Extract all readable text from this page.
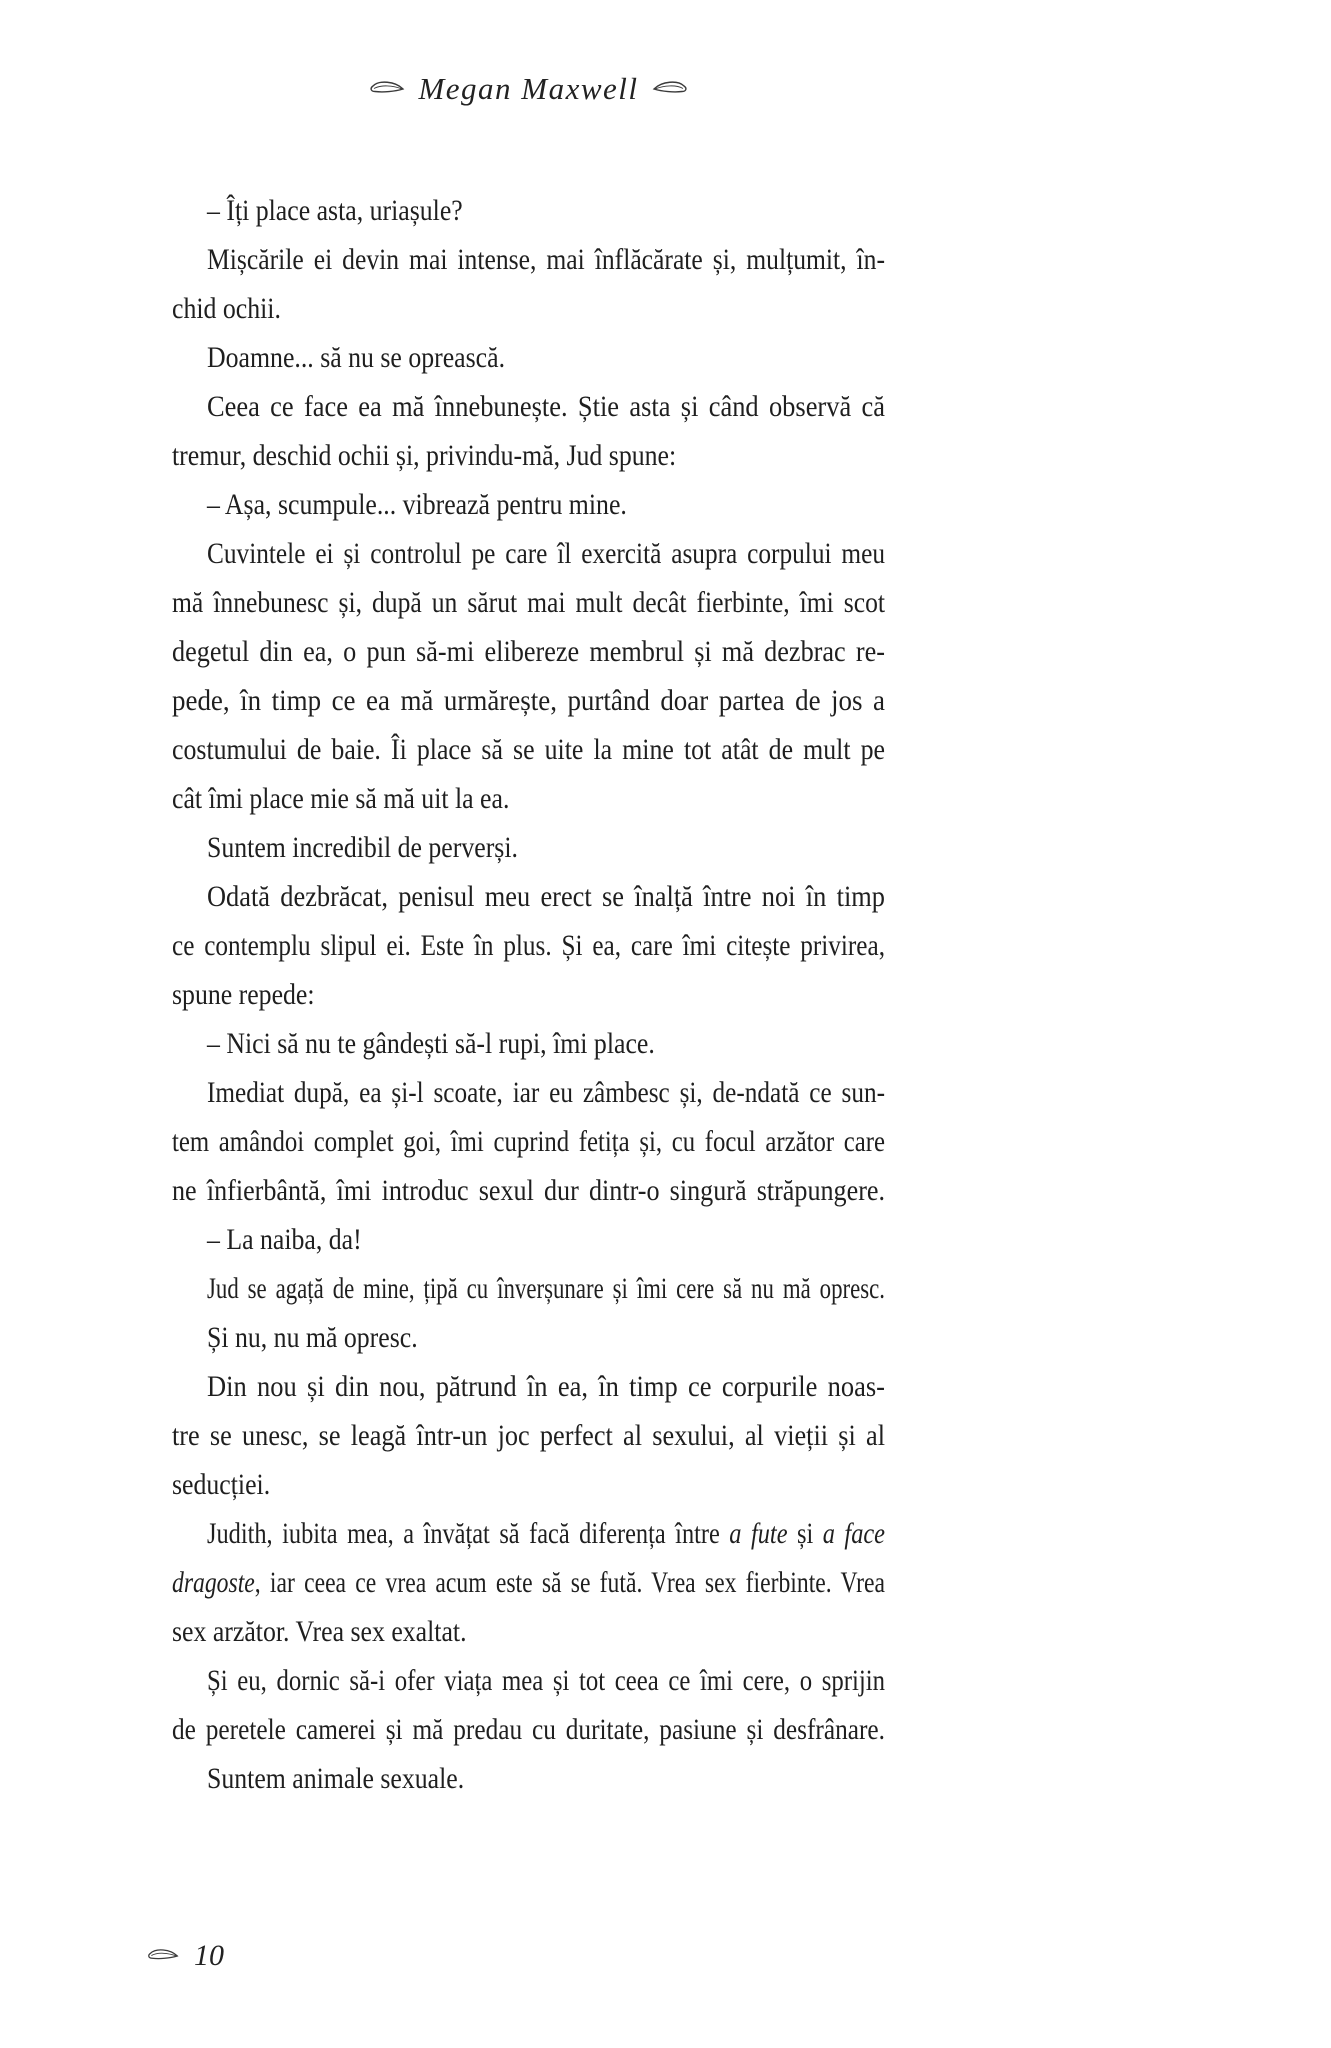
Megan Maxwell
– Îți place asta, uriașule?
Mișcările ei devin mai intense, mai înflăcărate și, mulțumit, în-
chid ochii.
Doamne... să nu se oprească.
Ceea ce face ea mă înnebunește. Știe asta și când observă că
tremur, deschid ochii și, privindu-mă, Jud spune:
– Așa, scumpule... vibrează pentru mine.
Cuvintele ei și controlul pe care îl exercită asupra corpului meu
mă înnebunesc și, după un sărut mai mult decât fierbinte, îmi scot
degetul din ea, o pun să-mi elibereze membrul și mă dezbrac re-
pede, în timp ce ea mă urmărește, purtând doar partea de jos a
costumului de baie. Îi place să se uite la mine tot atât de mult pe
cât îmi place mie să mă uit la ea.
Suntem incredibil de perverși.
Odată dezbrăcat, penisul meu erect se înalță între noi în timp
ce contemplu slipul ei. Este în plus. Și ea, care îmi citește privirea,
spune repede:
– Nici să nu te gândești să-l rupi, îmi place.
Imediat după, ea și-l scoate, iar eu zâmbesc și, de-ndată ce sun-
tem amândoi complet goi, îmi cuprind fetița și, cu focul arzător care
ne înfierbântă, îmi introduc sexul dur dintr-o singură străpungere.
– La naiba, da!
Jud se agață de mine, țipă cu înverșunare și îmi cere să nu mă opresc.
Și nu, nu mă opresc.
Din nou și din nou, pătrund în ea, în timp ce corpurile noas-
tre se unesc, se leagă într-un joc perfect al sexului, al vieții și al
seducției.
Judith, iubita mea, a învățat să facă diferența între a fute și a face
dragoste, iar ceea ce vrea acum este să se fută. Vrea sex fierbinte. Vrea
sex arzător. Vrea sex exaltat.
Și eu, dornic să-i ofer viața mea și tot ceea ce îmi cere, o sprijin
de peretele camerei și mă predau cu duritate, pasiune și desfrânare.
Suntem animale sexuale.
10
